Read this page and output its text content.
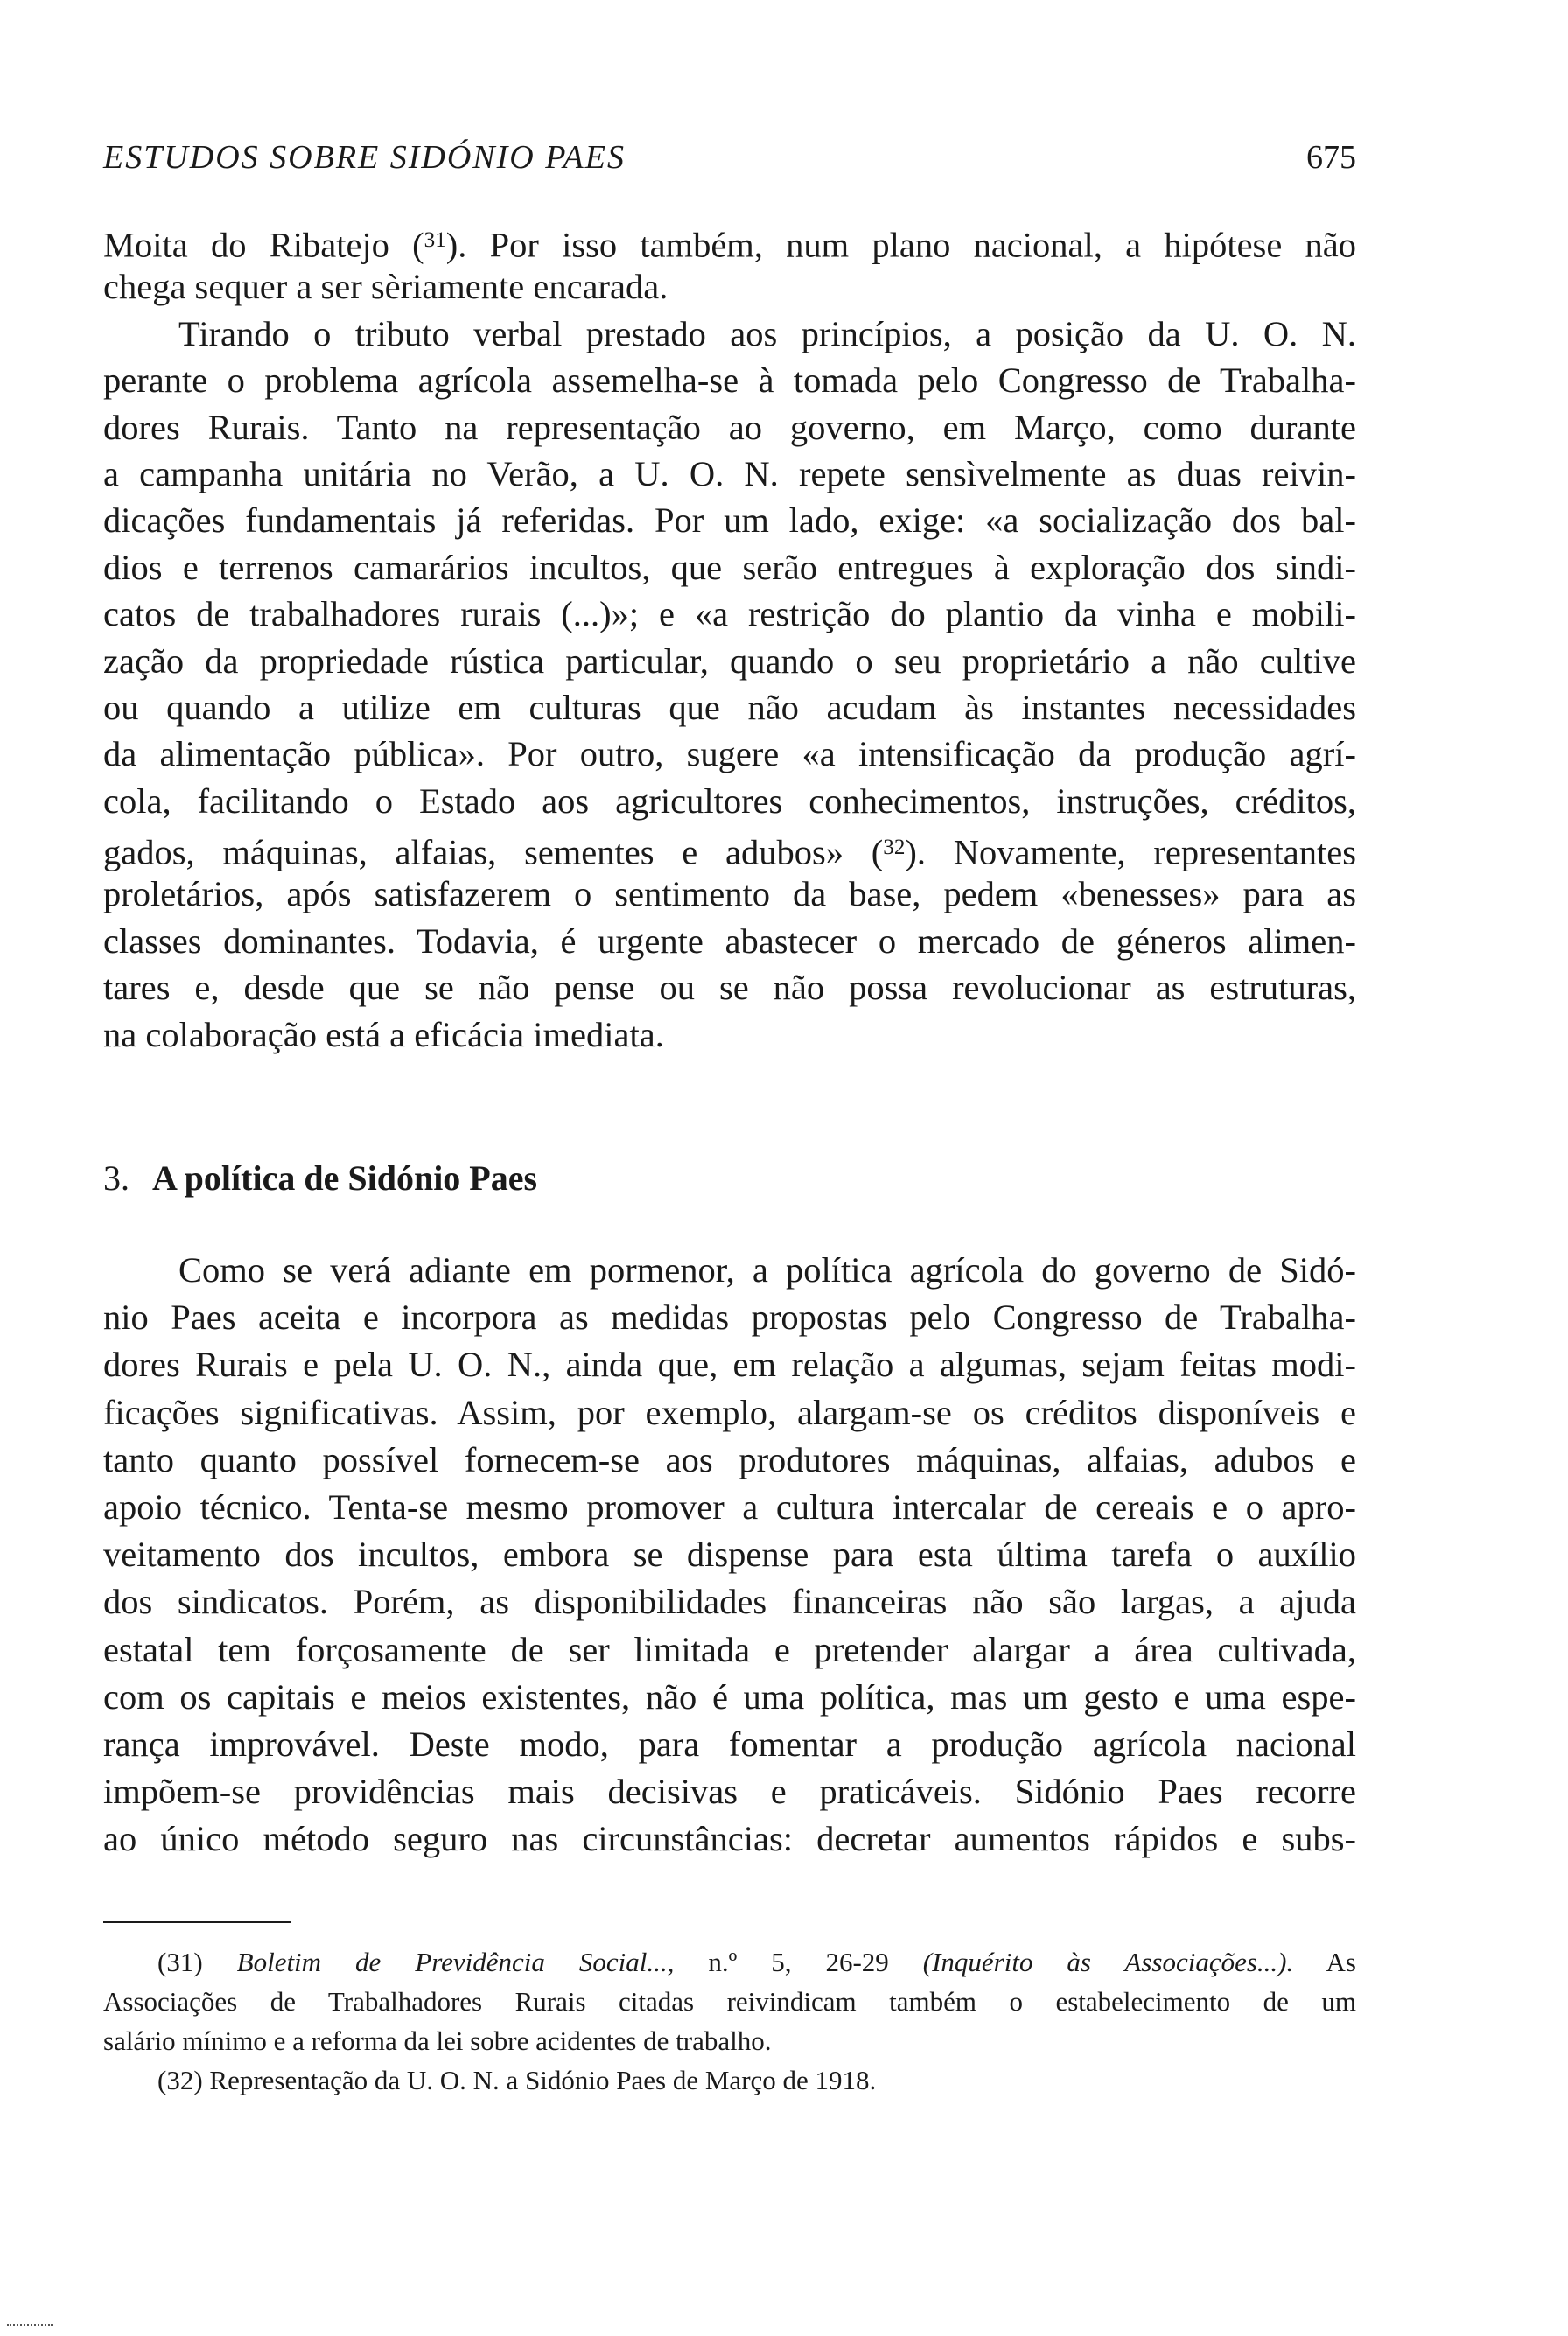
ESTUDOS SOBRE SIDÓNIO PAES	675
Moita do Ribatejo ($^{31}$). Por isso também, num plano nacional, a hipótese não
chega sequer a ser sèriamente encarada.
Tirando o tributo verbal prestado aos princípios, a posição da U. O. N.
perante o problema agrícola assemelha-se à tomada pelo Congresso de Trabalha-
dores Rurais. Tanto na representação ao governo, em Março, como durante
a campanha unitária no Verão, a U. O. N. repete sensìvelmente as duas reivin-
dicações fundamentais já referidas. Por um lado, exige: «a socialização dos bal-
dios e terrenos camarários incultos, que serão entregues à exploração dos sindi-
catos de trabalhadores rurais (...)»; e «a restrição do plantio da vinha e mobili-
zação da propriedade rústica particular, quando o seu proprietário a não cultive
ou quando a utilize em culturas que não acudam às instantes necessidades
da alimentação pública». Por outro, sugere «a intensificação da produção agrí-
cola, facilitando o Estado aos agricultores conhecimentos, instruções, créditos,
gados, máquinas, alfaias, sementes e adubos» ($^{32}$). Novamente, representantes
proletários, após satisfazerem o sentimento da base, pedem «benesses» para as
classes dominantes. Todavia, é urgente abastecer o mercado de géneros alimen-
tares e, desde que se não pense ou se não possa revolucionar as estruturas,
na colaboração está a eficácia imediata.
3. A política de Sidónio Paes
Como se verá adiante em pormenor, a política agrícola do governo de Sidó-
nio Paes aceita e incorpora as medidas propostas pelo Congresso de Trabalha-
dores Rurais e pela U. O. N., ainda que, em relação a algumas, sejam feitas modi-
ficações significativas. Assim, por exemplo, alargam-se os créditos disponíveis e
tanto quanto possível fornecem-se aos produtores máquinas, alfaias, adubos e
apoio técnico. Tenta-se mesmo promover a cultura intercalar de cereais e o apro-
veitamento dos incultos, embora se dispense para esta última tarefa o auxílio
dos sindicatos. Porém, as disponibilidades financeiras não são largas, a ajuda
estatal tem forçosamente de ser limitada e pretender alargar a área cultivada,
com os capitais e meios existentes, não é uma política, mas um gesto e uma espe-
rança improvável. Deste modo, para fomentar a produção agrícola nacional
impõem-se providências mais decisivas e praticáveis. Sidónio Paes recorre
ao único método seguro nas circunstâncias: decretar aumentos rápidos e subs-
(31) Boletim de Previdência Social..., n.º 5, 26-29 (Inquérito às Associações...). As
Associações de Trabalhadores Rurais citadas reivindicam também o estabelecimento de um
salário mínimo e a reforma da lei sobre acidentes de trabalho.
(32) Representação da U. O. N. a Sidónio Paes de Março de 1918.
